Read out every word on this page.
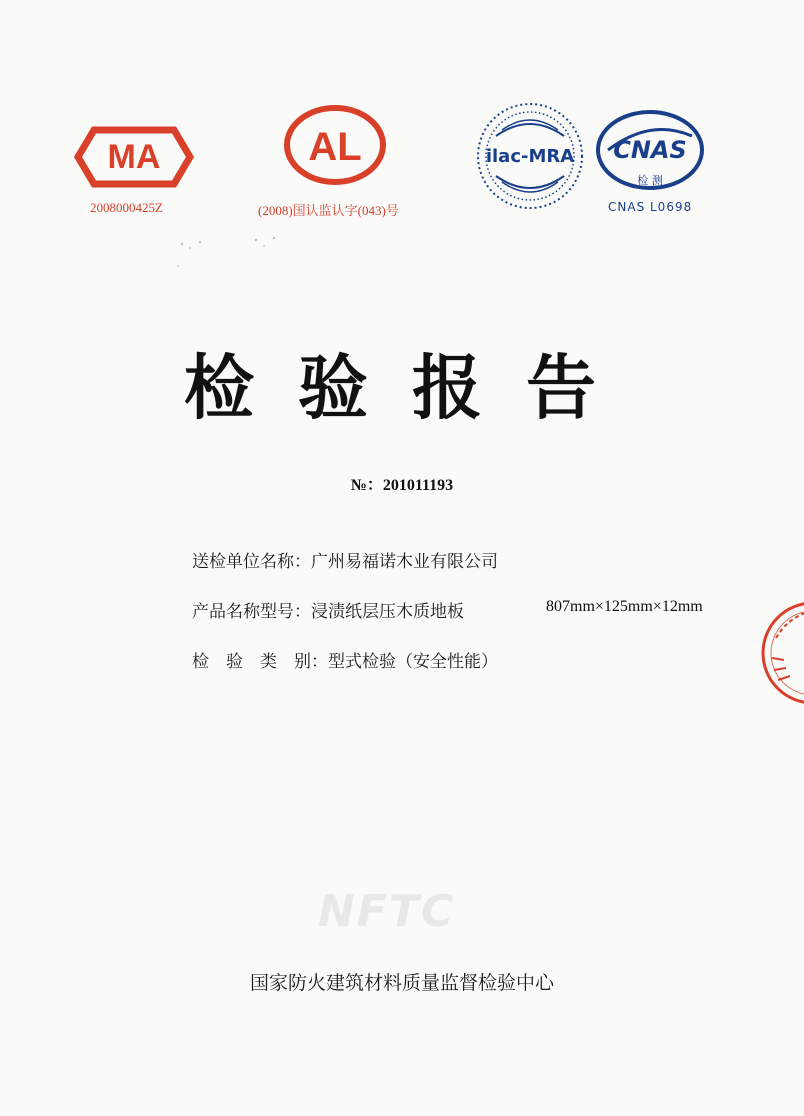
MA
2008000425Z
AL
(2008)国认监认字(043)号
ilac-MRA CNAS
检 测
CNAS L0698
检验报告
№：201011193
送检单位名称：广州易福诺木业有限公司
产品名称型号：浸渍纸层压木质地板	807mm×125mm×12mm
检　验　类　别：型式检验（安全性能）
NFTC
国家防火建筑材料质量监督检验中心
